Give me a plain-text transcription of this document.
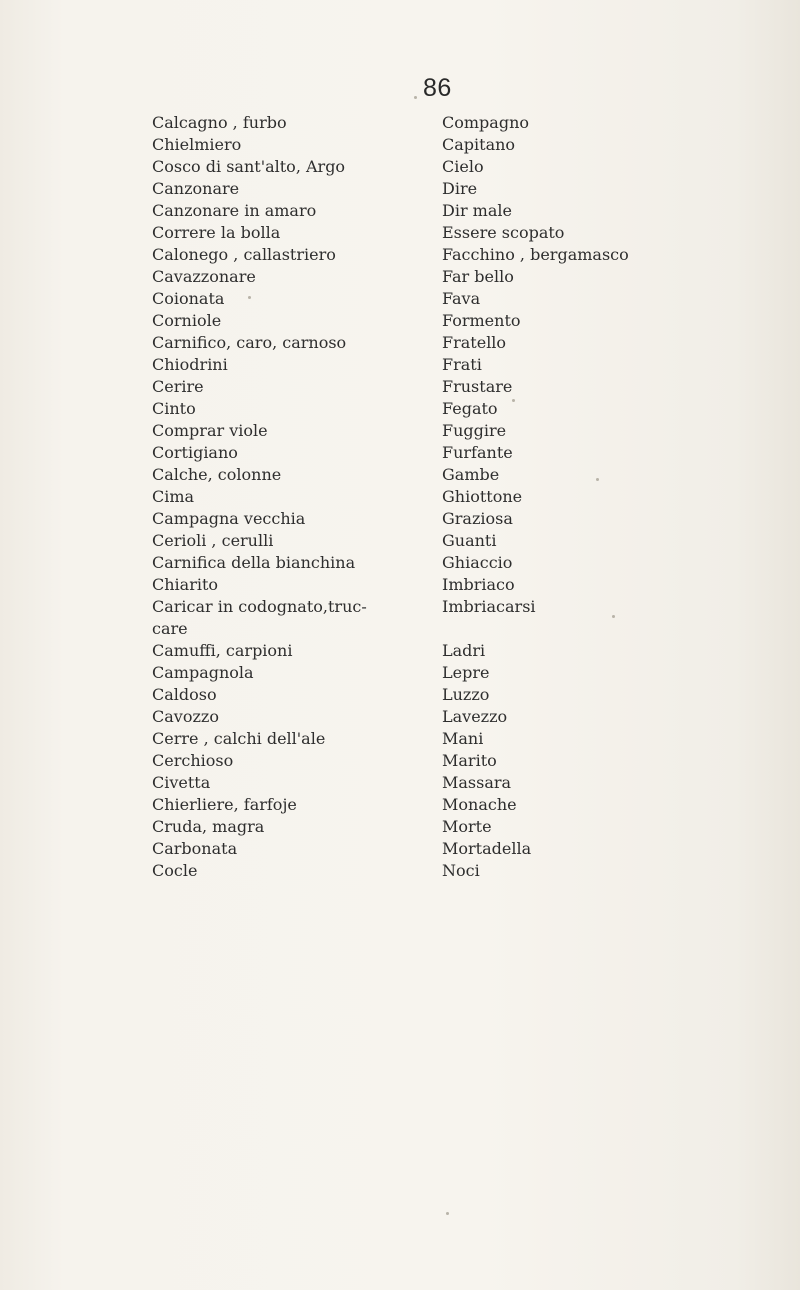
86
Calcagno , furbo
Chielmiero
Cosco di sant'alto, Argo
Canzonare
Canzonare in amaro
Correre la bolla
Calonego , callastriero
Cavazzonare
Coionata
Corniole
Carnifico, caro, carnoso
Chiodrini
Cerire
Cinto
Comprar viole
Cortigiano
Calche, colonne
Cima
Campagna vecchia
Cerioli , cerulli
Carnifica della bianchina
Chiarito
Caricar in codognato,truc-
care
Camuffi, carpioni
Campagnola
Caldoso
Cavozzo
Cerre , calchi dell'ale
Cerchioso
Civetta
Chierliere, farfoje
Cruda, magra
Carbonata
Cocle
Compagno
Capitano
Cielo
Dire
Dir male
Essere scopato
Facchino , bergamasco
Far bello
Fava
Formento
Fratello
Frati
Frustare
Fegato
Fuggire
Furfante
Gambe
Ghiottone
Graziosa
Guanti
Ghiaccio
Imbriaco
Imbriacarsi
Ladri
Lepre
Luzzo
Lavezzo
Mani
Marito
Massara
Monache
Morte
Mortadella
Noci
